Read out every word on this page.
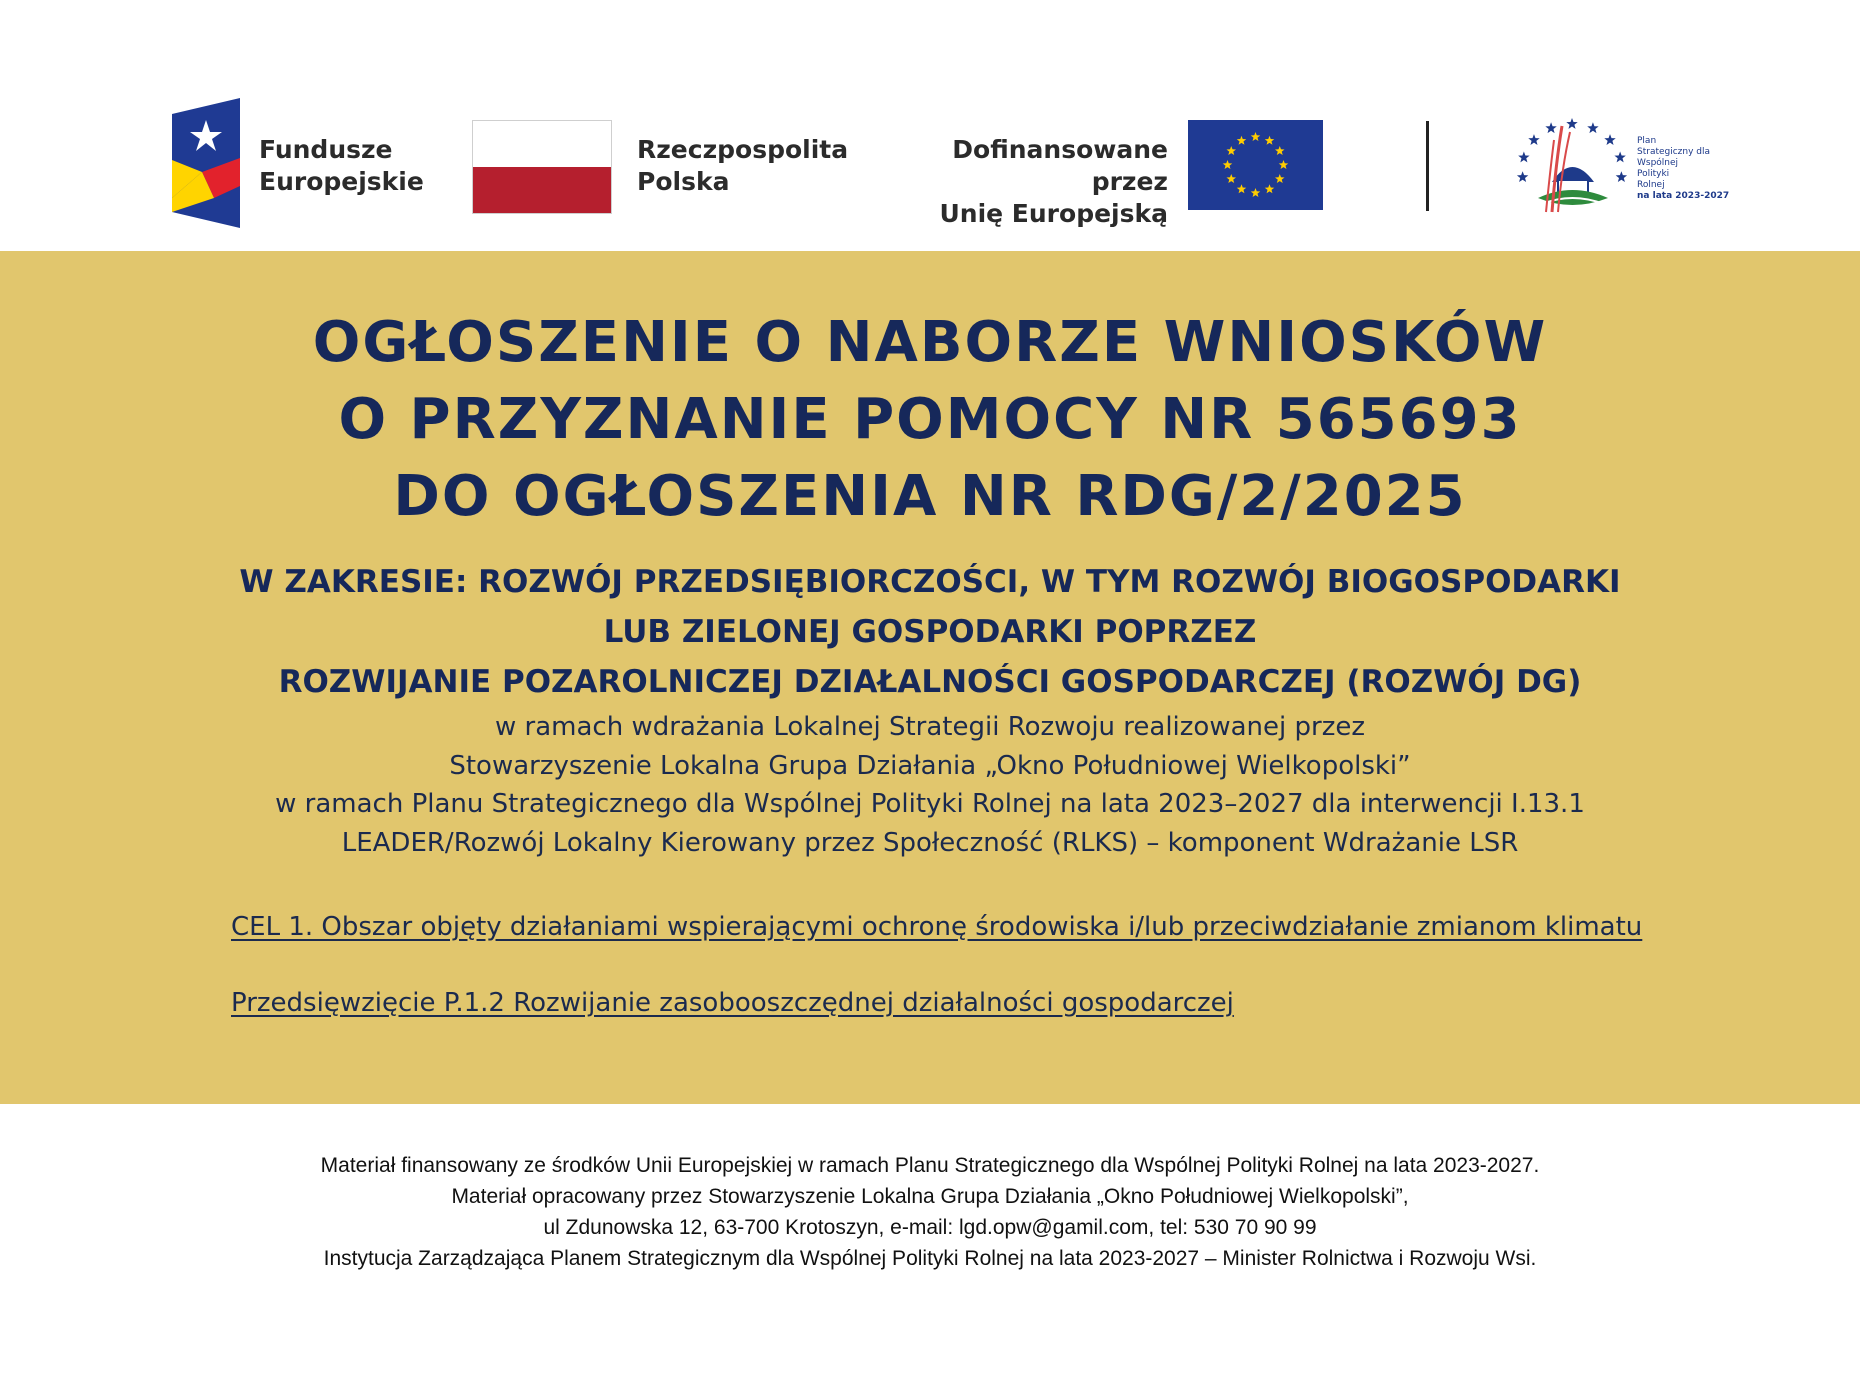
Fundusze
Europejskie
Rzeczpospolita
Polska
Dofinansowane przez
Unię Europejską
Plan
Strategiczny dla
Wspólnej
Polityki
Rolnej
na lata 2023-2027
OGŁOSZENIE O NABORZE WNIOSKÓW
O PRZYZNANIE POMOCY NR 565693
DO OGŁOSZENIA NR RDG/2/2025
W ZAKRESIE: ROZWÓJ PRZEDSIĘBIORCZOŚCI, W TYM ROZWÓJ BIOGOSPODARKI
LUB ZIELONEJ GOSPODARKI POPRZEZ
ROZWIJANIE POZAROLNICZEJ DZIAŁALNOŚCI GOSPODARCZEJ (ROZWÓJ DG)
w ramach wdrażania Lokalnej Strategii Rozwoju realizowanej przez
Stowarzyszenie Lokalna Grupa Działania „Okno Południowej Wielkopolski”
w ramach Planu Strategicznego dla Wspólnej Polityki Rolnej na lata 2023–2027 dla interwencji I.13.1
LEADER/Rozwój Lokalny Kierowany przez Społeczność (RLKS) – komponent Wdrażanie LSR
CEL 1. Obszar objęty działaniami wspierającymi ochronę środowiska i/lub przeciwdziałanie zmianom klimatu
Przedsięwzięcie P.1.2 Rozwijanie zasobooszczędnej działalności gospodarczej
Materiał finansowany ze środków Unii Europejskiej w ramach Planu Strategicznego dla Wspólnej Polityki Rolnej na lata 2023-2027.
Materiał opracowany przez Stowarzyszenie Lokalna Grupa Działania „Okno Południowej Wielkopolski”,
ul Zdunowska 12, 63-700 Krotoszyn, e-mail: lgd.opw@gamil.com, tel: 530 70 90 99
Instytucja Zarządzająca Planem Strategicznym dla Wspólnej Polityki Rolnej na lata 2023-2027 – Minister Rolnictwa i Rozwoju Wsi.
